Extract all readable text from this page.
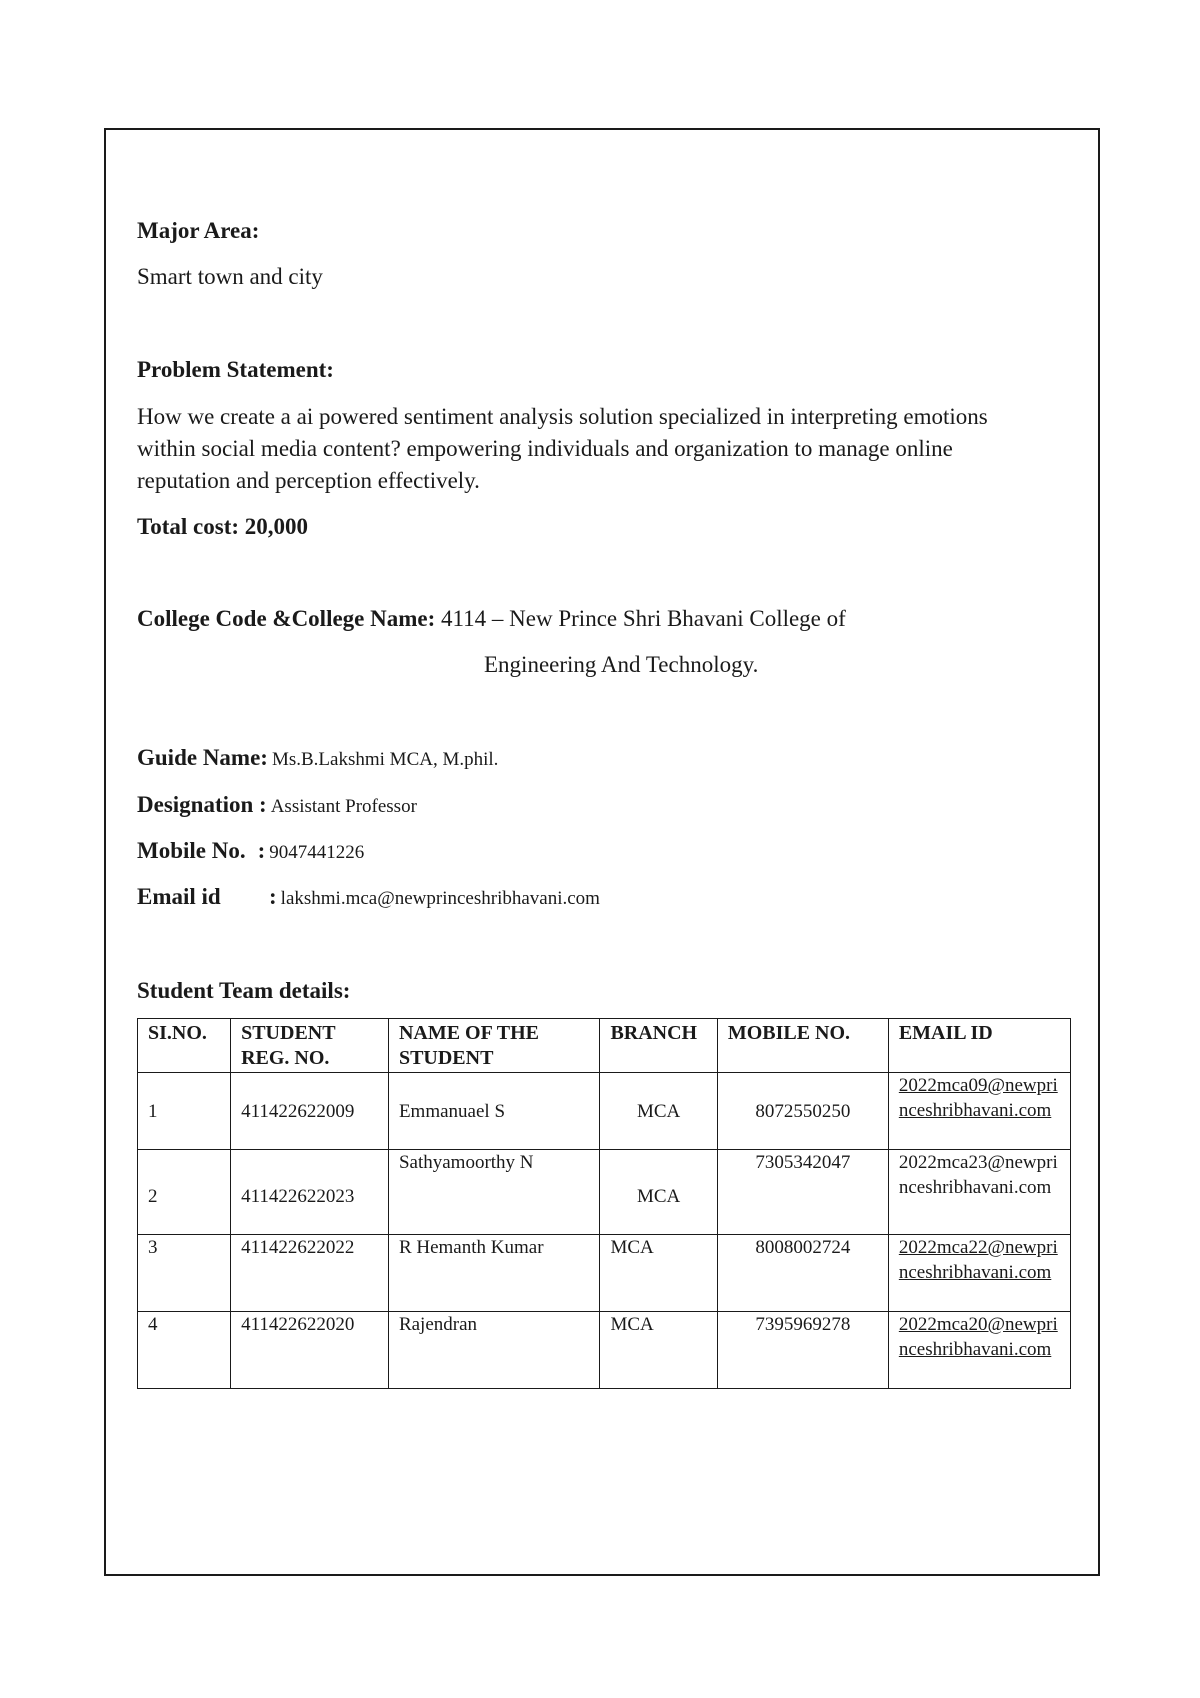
Major Area:
Smart town and city
Problem Statement:
How we create a ai powered sentiment analysis solution specialized in interpreting emotions within social media content? empowering individuals and organization to manage online reputation and perception effectively.
Total cost: 20,000
College Code &College Name: 4114 – New Prince Shri Bhavani College of
Engineering And Technology.
Guide Name: Ms.B.Lakshmi MCA, M.phil.
Designation : Assistant Professor
Mobile No. : 9047441226
Email id : lakshmi.mca@newprinceshribhavani.com
Student Team details:
SI.NO.	STUDENT REG. NO.	NAME OF THE STUDENT	BRANCH	MOBILE NO.	EMAIL ID
1	411422622009	Emmanuael S	MCA	8072550250	2022mca09@newprinceshribhavani.com
2	411422622023	Sathyamoorthy N	MCA	7305342047	2022mca23@newprinceshribhavani.com
3	411422622022	R Hemanth Kumar	MCA	8008002724	2022mca22@newprinceshribhavani.com
4	411422622020	Rajendran	MCA	7395969278	2022mca20@newprinceshribhavani.com
